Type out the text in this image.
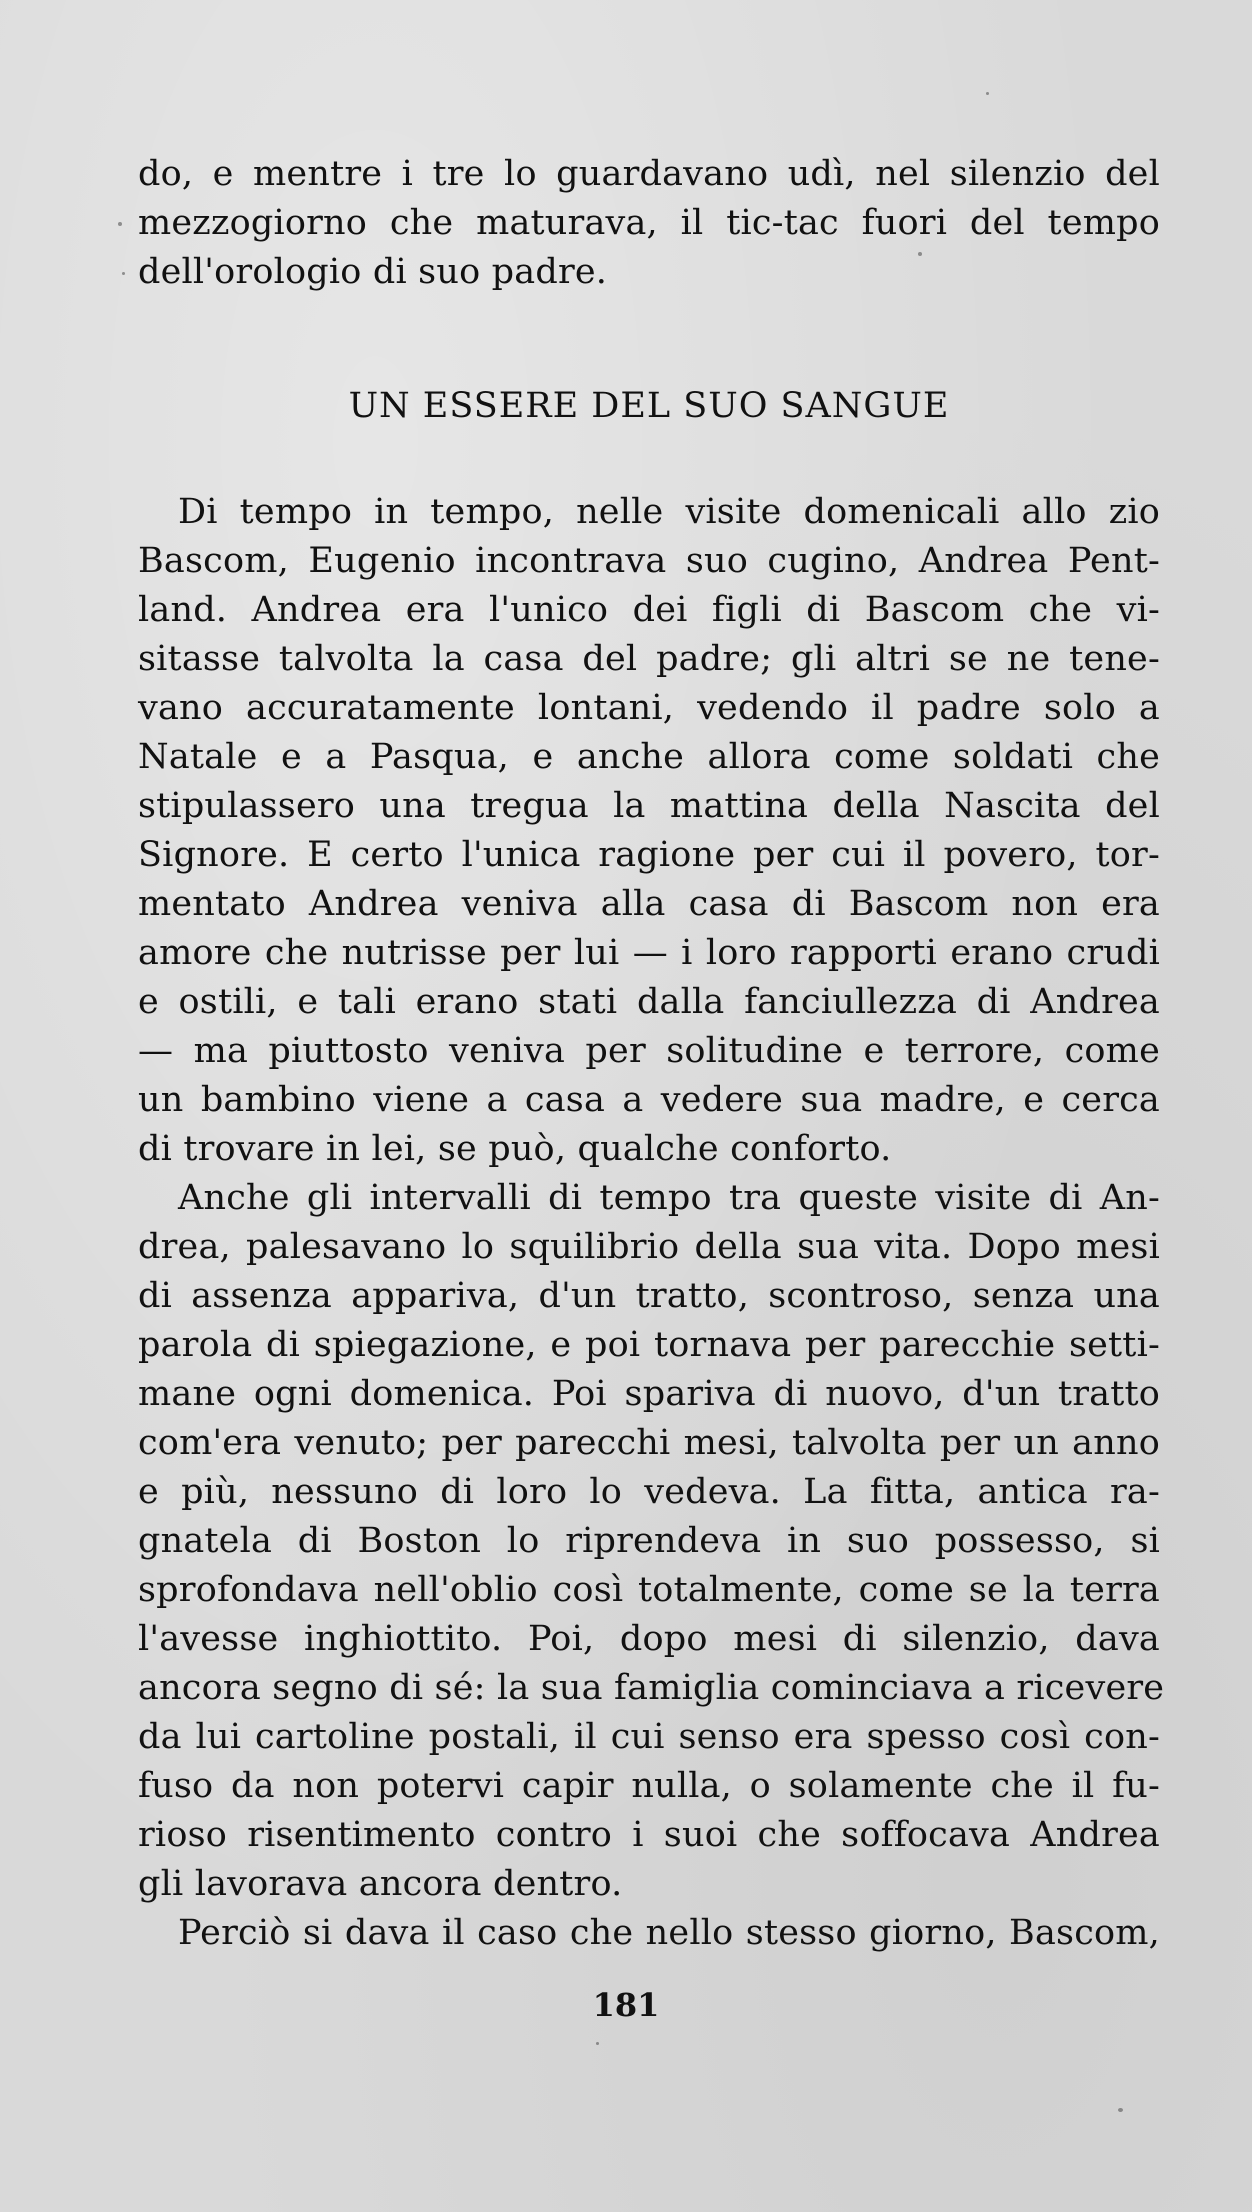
do, e mentre i tre lo guardavano udì, nel silenzio del
mezzogiorno che maturava, il tic-tac fuori del tempo
dell'orologio di suo padre.
UN ESSERE DEL SUO SANGUE
Di tempo in tempo, nelle visite domenicali allo zio
Bascom, Eugenio incontrava suo cugino, Andrea Pent-
land. Andrea era l'unico dei figli di Bascom che vi-
sitasse talvolta la casa del padre; gli altri se ne tene-
vano accuratamente lontani, vedendo il padre solo a
Natale e a Pasqua, e anche allora come soldati che
stipulassero una tregua la mattina della Nascita del
Signore. E certo l'unica ragione per cui il povero, tor-
mentato Andrea veniva alla casa di Bascom non era
amore che nutrisse per lui — i loro rapporti erano crudi
e ostili, e tali erano stati dalla fanciullezza di Andrea
— ma piuttosto veniva per solitudine e terrore, come
un bambino viene a casa a vedere sua madre, e cerca
di trovare in lei, se può, qualche conforto.
Anche gli intervalli di tempo tra queste visite di An-
drea, palesavano lo squilibrio della sua vita. Dopo mesi
di assenza appariva, d'un tratto, scontroso, senza una
parola di spiegazione, e poi tornava per parecchie setti-
mane ogni domenica. Poi spariva di nuovo, d'un tratto
com'era venuto; per parecchi mesi, talvolta per un anno
e più, nessuno di loro lo vedeva. La fitta, antica ra-
gnatela di Boston lo riprendeva in suo possesso, si
sprofondava nell'oblio così totalmente, come se la terra
l'avesse inghiottito. Poi, dopo mesi di silenzio, dava
ancora segno di sé: la sua famiglia cominciava a ricevere
da lui cartoline postali, il cui senso era spesso così con-
fuso da non potervi capir nulla, o solamente che il fu-
rioso risentimento contro i suoi che soffocava Andrea
gli lavorava ancora dentro.
Perciò si dava il caso che nello stesso giorno, Bascom,
181
